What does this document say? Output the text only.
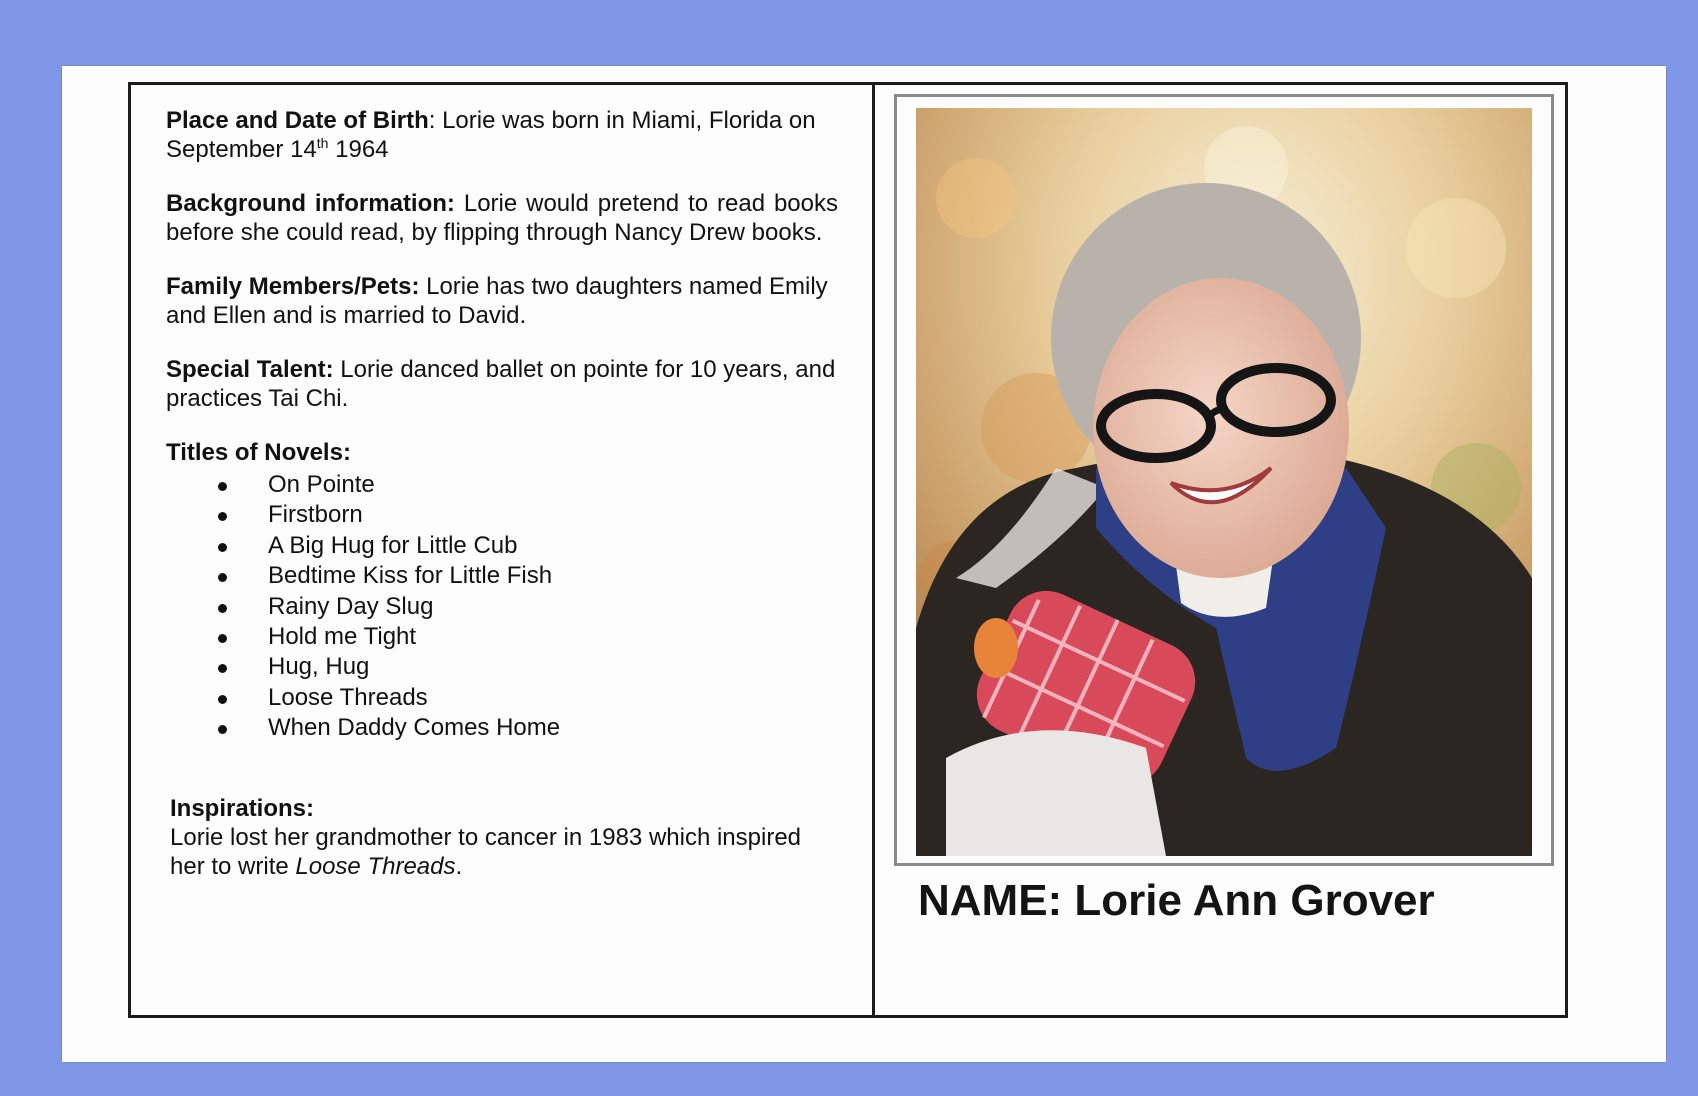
Place and Date of Birth: Lorie was born in Miami, Florida on September 14th 1964

Background information: Lorie would pretend to read books before she could read, by flipping through Nancy Drew books.

Family Members/Pets: Lorie has two daughters named Emily and Ellen and is married to David.

Special Talent: Lorie danced ballet on pointe for 10 years, and practices Tai Chi.

Titles of Novels:
On Pointe
Firstborn
A Big Hug for Little Cub
Bedtime Kiss for Little Fish
Rainy Day Slug
Hold me Tight
Hug, Hug
Loose Threads
When Daddy Comes Home
Inspirations:
Lorie lost her grandmother to cancer in 1983 which inspired her to write Loose Threads.
NAME: Lorie Ann Grover
